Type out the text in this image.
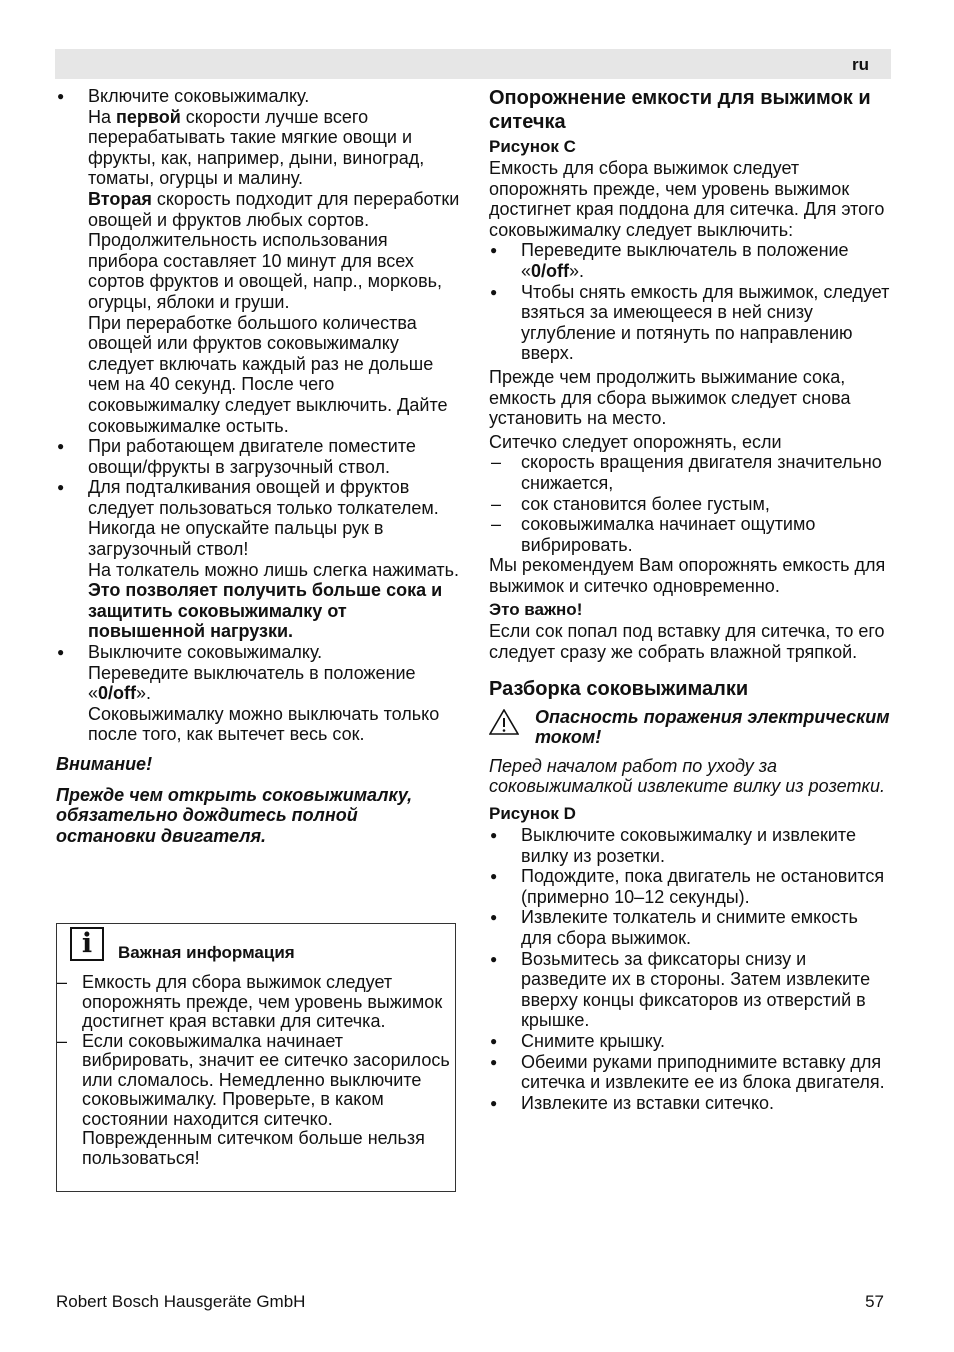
ru

● Включите соковыжималку.

На первой скорости лучше всего перерабатывать такие мягкие овощи и фрукты, как, например, дыни, виноград, томаты, огурцы и малину.

Вторая скорость подходит для переработки овощей и фруктов любых сортов.

Продолжительность использования прибора составляет 10 минут для всех сортов фруктов и овощей, напр., морковь, огурцы, яблоки и груши.

При переработке большого количества овощей или фруктов соковыжималку следует включать каждый раз не дольше чем на 40 секунд. После чего соковыжималку следует выключить. Дайте соковыжималке остыть.

● При работающем двигателе поместите овощи/фрукты в загрузочный ствол.

● Для подталкивания овощей и фруктов следует пользоваться только толкателем. Никогда не опускайте пальцы рук в загрузочный ствол!

На толкатель можно лишь слегка нажимать.

Это позволяет получить больше сока и защитить соковыжималку от повышенной нагрузки.

● Выключите соковыжималку.

Переведите выключатель в положение «0/off».

Соковыжималку можно выключать только после того, как вытечет весь сок.

Внимание!

Прежде чем открыть соковыжималку, обязательно дождитесь полной остановки двигателя.

i	Важная информация

– Емкость для сбора выжимок следует опорожнять прежде, чем уровень выжимок достигнет края вставки для ситечка.

– Если соковыжималка начинает вибрировать, значит ее ситечко засорилось или сломалось. Немедленно выключите соковыжималку. Проверьте, в каком состоянии находится ситечко. Поврежденным ситечком больше нельзя пользоваться!

Опорожнение емкости для выжимок и ситечка

Рисунок C

Емкость для сбора выжимок следует опорожнять прежде, чем уровень выжимок достигнет края поддона для ситечка. Для этого соковыжималку следует выключить:

● Переведите выключатель в положение «0/off».

● Чтобы снять емкость для выжимок, следует взяться за имеющееся в ней снизу углубление и потянуть по направлению вверх.

Прежде чем продолжить выжимание сока, емкость для сбора выжимок следует снова установить на место.

Ситечко следует опорожнять, если

– скорость вращения двигателя значительно снижается,

– сок становится более густым,

– соковыжималка начинает ощутимо вибрировать.

Мы рекомендуем Вам опорожнять емкость для выжимок и ситечко одновременно.

Это важно!

Если сок попал под вставку для ситечка, то его следует сразу же собрать влажной тряпкой.

Разборка соковыжималки

Опасность поражения электрическим током!

Перед началом работ по уходу за соковыжималкой извлеките вилку из розетки.

Рисунок D

● Выключите соковыжималку и извлеките вилку из розетки.

● Подождите, пока двигатель не остановится (примерно 10–12 секунды).

● Извлеките толкатель и снимите емкость для сбора выжимок.

● Возьмитесь за фиксаторы снизу и разведите их в стороны. Затем извлеките вверху концы фиксаторов из отверстий в крышке.

● Снимите крышку.

● Обеими руками приподнимите вставку для ситечка и извлеките ее из блока двигателя.

● Извлеките из вставки ситечко.

Robert Bosch Hausgeräte GmbH	57
